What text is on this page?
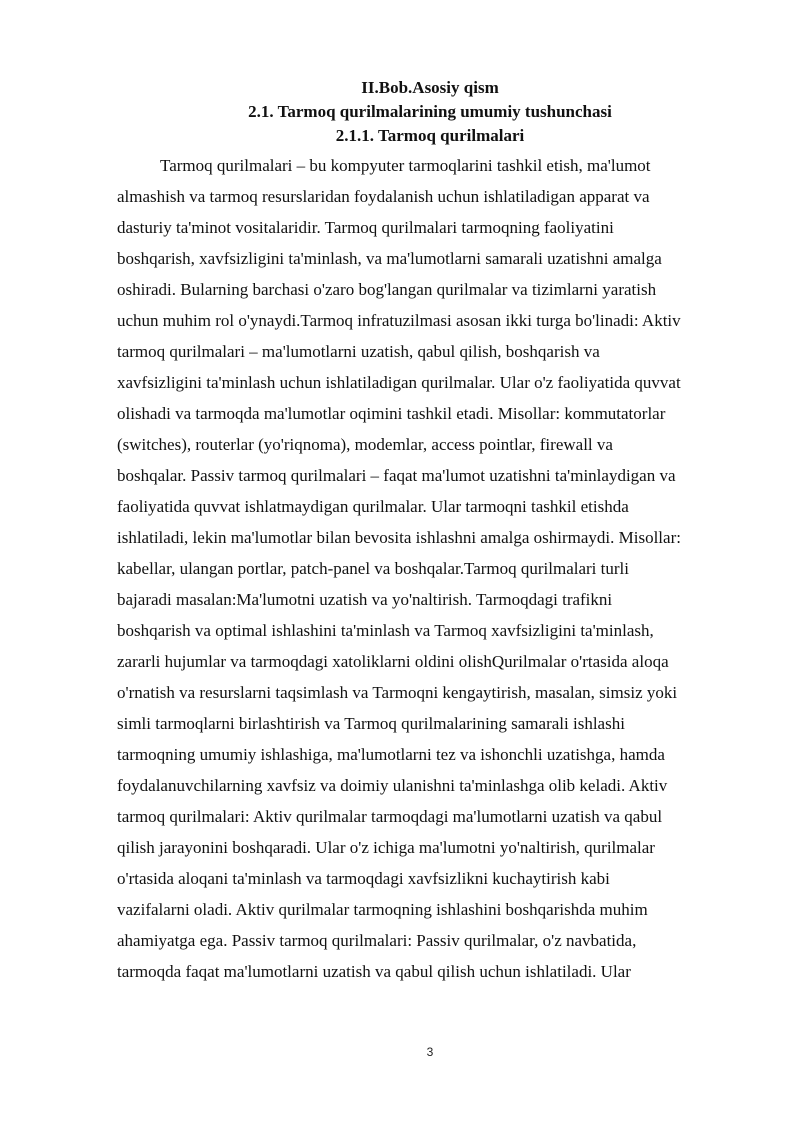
II.Bob.Asosiy qism

2.1. Tarmoq qurilmalarining umumiy tushunchasi

2.1.1. Tarmoq qurilmalari

Tarmoq qurilmalari – bu kompyuter tarmoqlarini tashkil etish, ma'lumot
almashish va tarmoq resurslaridan foydalanish uchun ishlatiladigan apparat va
dasturiy ta'minot vositalaridir. Tarmoq qurilmalari tarmoqning faoliyatini
boshqarish, xavfsizligini ta'minlash, va ma'lumotlarni samarali uzatishni amalga
oshiradi. Bularning barchasi o'zaro bog'langan qurilmalar va tizimlarni yaratish
uchun muhim rol o'ynaydi.Tarmoq infratuzilmasi asosan ikki turga bo'linadi: Aktiv
tarmoq qurilmalari – ma'lumotlarni uzatish, qabul qilish, boshqarish va
xavfsizligini ta'minlash uchun ishlatiladigan qurilmalar. Ular o'z faoliyatida quvvat
olishadi va tarmoqda ma'lumotlar oqimini tashkil etadi. Misollar: kommutatorlar
(switches), routerlar (yo'riqnoma), modemlar, access pointlar, firewall va
boshqalar. Passiv tarmoq qurilmalari – faqat ma'lumot uzatishni ta'minlaydigan va
faoliyatida quvvat ishlatmaydigan qurilmalar. Ular tarmoqni tashkil etishda
ishlatiladi, lekin ma'lumotlar bilan bevosita ishlashni amalga oshirmaydi. Misollar:
kabellar, ulangan portlar, patch-panel va boshqalar.Tarmoq qurilmalari turli
bajaradi masalan:Ma'lumotni uzatish va yo'naltirish. Tarmoqdagi trafikni
boshqarish va optimal ishlashini ta'minlash va Tarmoq xavfsizligini ta'minlash,
zararli hujumlar va tarmoqdagi xatoliklarni oldini olishQurilmalar o'rtasida aloqa
o'rnatish va resurslarni taqsimlash va Tarmoqni kengaytirish, masalan, simsiz yoki
simli tarmoqlarni birlashtirish va Tarmoq qurilmalarining samarali ishlashi
tarmoqning umumiy ishlashiga, ma'lumotlarni tez va ishonchli uzatishga, hamda
foydalanuvchilarning xavfsiz va doimiy ulanishni ta'minlashga olib keladi. Aktiv
tarmoq qurilmalari: Aktiv qurilmalar tarmoqdagi ma'lumotlarni uzatish va qabul
qilish jarayonini boshqaradi. Ular o'z ichiga ma'lumotni yo'naltirish, qurilmalar
o'rtasida aloqani ta'minlash va tarmoqdagi xavfsizlikni kuchaytirish kabi
vazifalarni oladi. Aktiv qurilmalar tarmoqning ishlashini boshqarishda muhim
ahamiyatga ega. Passiv tarmoq qurilmalari: Passiv qurilmalar, o'z navbatida,
tarmoqda faqat ma'lumotlarni uzatish va qabul qilish uchun ishlatiladi. Ular
3
